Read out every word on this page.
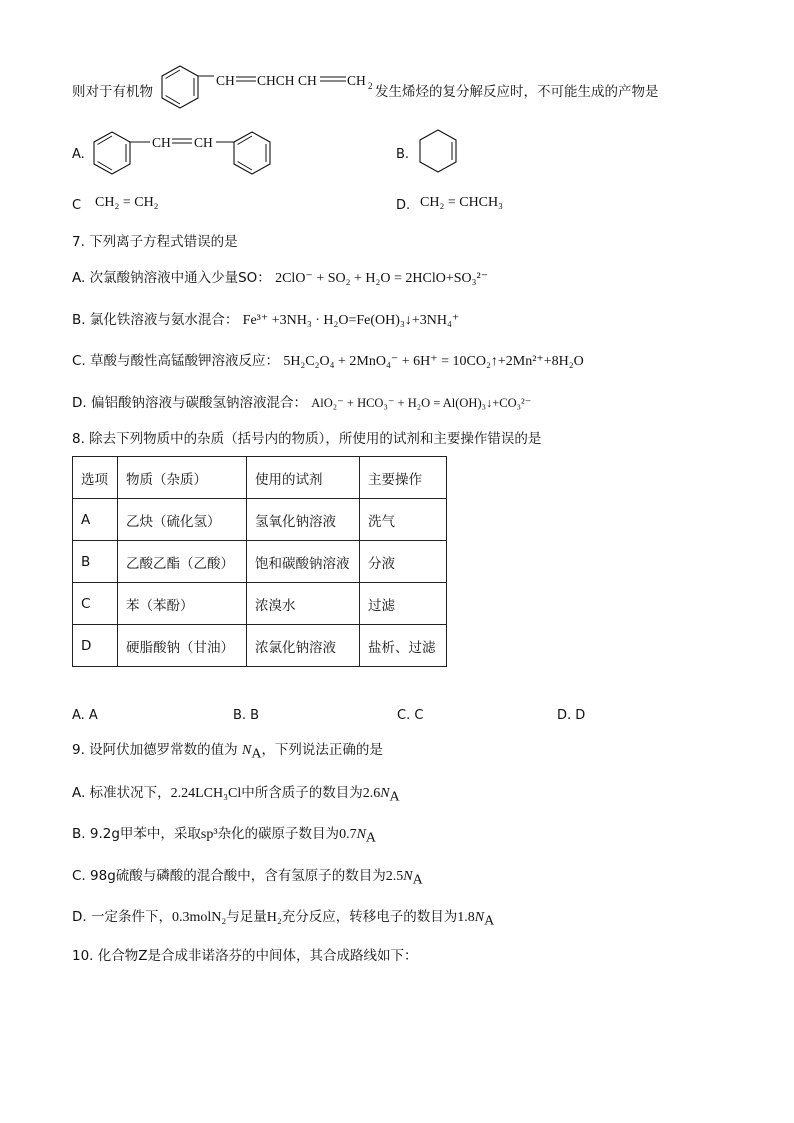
则对于有机物
CH CHCH CH CH 2 发生烯烃的复分解反应时，不可能生成的产物是
A.
CH CH
B.
C CH₂ = CH₂	D. CH₂ = CHCH₃
7. 下列离子方程式错误的是
A. 次氯酸钠溶液中通入少量SO： 2ClO⁻ + SO₂ + H₂O = 2HClO+SO₃²⁻
B. 氯化铁溶液与氨水混合： Fe³⁺ +3NH₃ · H₂O=Fe(OH)₃↓+3NH₄⁺
C. 草酸与酸性高锰酸钾溶液反应： 5H₂C₂O₄ + 2MnO₄⁻ + 6H⁺ = 10CO₂↑+2Mn²⁺+8H₂O
D. 偏铝酸钠溶液与碳酸氢钠溶液混合： AlO₂⁻ + HCO₃⁻ + H₂O = Al(OH)₃↓+CO₃²⁻
8. 除去下列物质中的杂质（括号内的物质），所使用的试剂和主要操作错误的是
选项	物质（杂质）	使用的试剂	主要操作
A	乙炔（硫化氢）	氢氧化钠溶液	洗气
B	乙酸乙酯（乙酸）	饱和碳酸钠溶液	分液
C	苯（苯酚）	浓溴水	过滤
D	硬脂酸钠（甘油）	浓氯化钠溶液	盐析、过滤
A. A	B. B	C. C	D. D
9. 设阿伏加德罗常数的值为 $N_A$，下列说法正确的是
A. 标准状况下，2.24LCH₃Cl中所含质子的数目为$2.6N_A$
B. 9.2g甲苯中，采取sp³杂化的碳原子数目为$0.7N_A$
C. 98g硫酸与磷酸的混合酸中，含有氢原子的数目为$2.5N_A$
D. 一定条件下，0.3molN₂与足量H₂充分反应，转移电子的数目为$1.8N_A$
10. 化合物Z是合成非诺洛芬的中间体，其合成路线如下：
